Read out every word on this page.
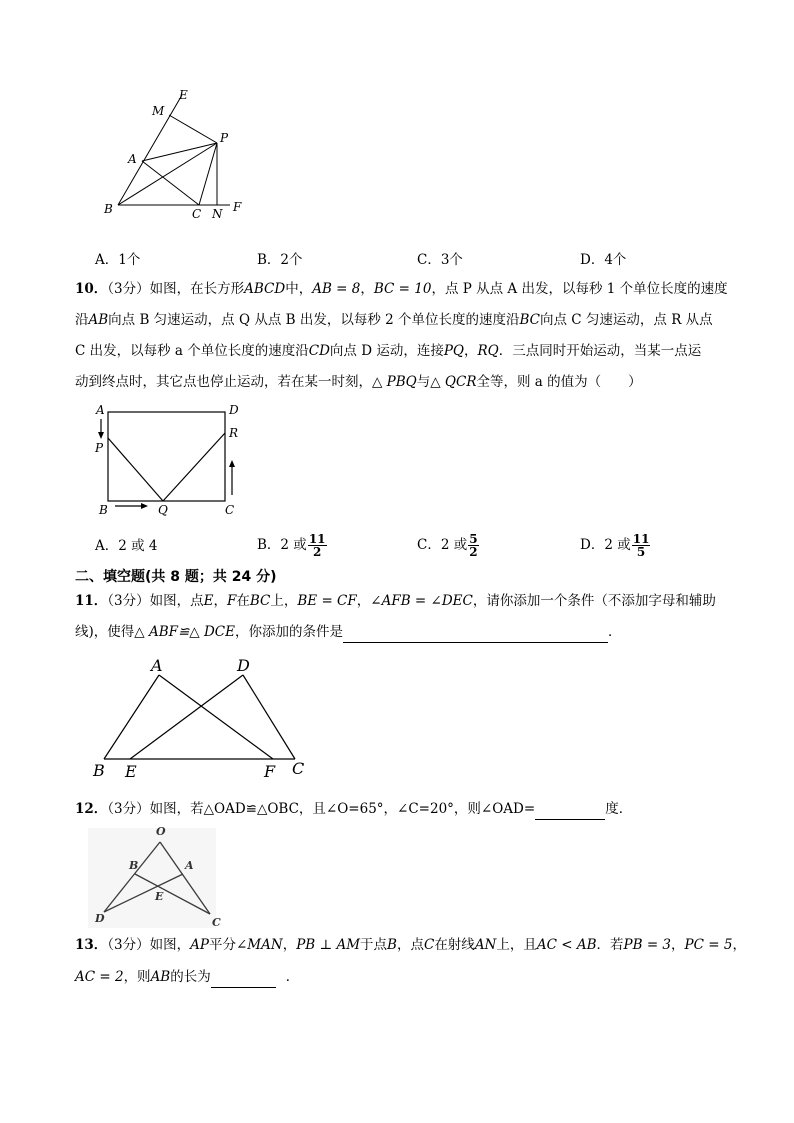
E
M
P
A
B	C N F
A．1个	B．2个	C．3个	D．4个
10．（3分）如图，在长方形ABCD中，AB = 8，BC = 10，点 P 从点 A 出发，以每秒 1 个单位长度的速度
沿AB向点 B 匀速运动，点 Q 从点 B 出发，以每秒 2 个单位长度的速度沿BC向点 C 匀速运动，点 R 从点
C 出发，以每秒 a 个单位长度的速度沿CD向点 D 运动，连接PQ，RQ．三点同时开始运动，当某一点运
动到终点时，其它点也停止运动，若在某一时刻，△ PBQ与△ QCR全等，则 a 的值为（　　）
A	D
P
R
B	Q	C
A．2 或 4	B．2 或 $\frac{11}{2}$	C．2 或 $\frac{5}{2}$	D．2 或 $\frac{11}{5}$
二、填空题(共 8 题；共 24 分)
11．（3分）如图，点E，F在BC上，BE = CF，∠AFB = ∠DEC，请你添加一个条件（不添加字母和辅助
线)，使得△ ABF≌△ DCE，你添加的条件是	．
A	D
B E	F C
12．（3分）如图，若△OAD≌△OBC，且∠O=65°，∠C=20°，则∠OAD=	度．
O
B	A
E
D	C
13．（3分）如图，AP平分∠MAN，PB ⊥ AM于点B，点C在射线AN上，且AC < AB．若PB = 3，PC = 5，
AC = 2，则AB的长为	．
